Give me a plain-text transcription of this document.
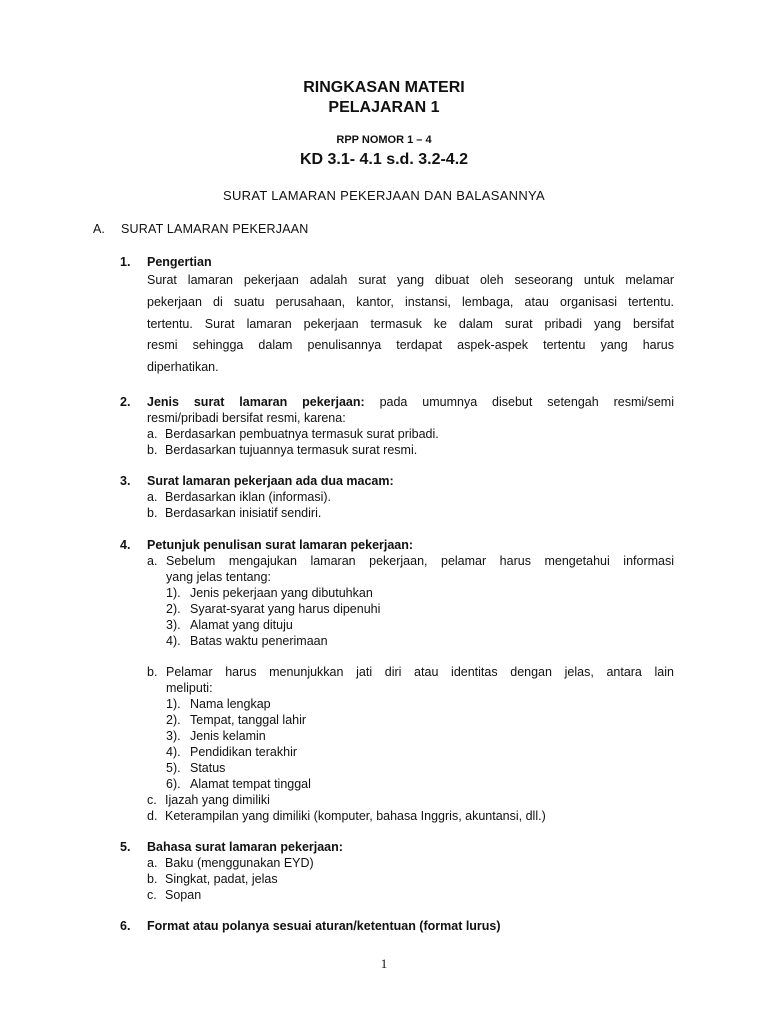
RINGKASAN MATERI
PELAJARAN 1
RPP NOMOR 1 – 4
KD 3.1- 4.1 s.d. 3.2-4.2
SURAT LAMARAN PEKERJAAN DAN BALASANNYA
A. SURAT LAMARAN PEKERJAAN
1. Pengertian
Surat lamaran pekerjaan adalah surat yang dibuat oleh seseorang untuk melamar
pekerjaan di suatu perusahaan, kantor, instansi, lembaga, atau organisasi tertentu.
tertentu. Surat lamaran pekerjaan termasuk ke dalam surat pribadi yang bersifat
resmi sehingga dalam penulisannya terdapat aspek-aspek tertentu yang harus
diperhatikan.
2. Jenis surat lamaran pekerjaan: pada umumnya disebut setengah resmi/semi
resmi/pribadi bersifat resmi, karena:
a. Berdasarkan pembuatnya termasuk surat pribadi.
b. Berdasarkan tujuannya termasuk surat resmi.
3. Surat lamaran pekerjaan ada dua macam:
a. Berdasarkan iklan (informasi).
b. Berdasarkan inisiatif sendiri.
4. Petunjuk penulisan surat lamaran pekerjaan:
a. Sebelum mengajukan lamaran pekerjaan, pelamar harus mengetahui informasi
yang jelas tentang:
1). Jenis pekerjaan yang dibutuhkan
2). Syarat-syarat yang harus dipenuhi
3). Alamat yang dituju
4). Batas waktu penerimaan
b. Pelamar harus menunjukkan jati diri atau identitas dengan jelas, antara lain
meliputi:
1). Nama lengkap
2). Tempat, tanggal lahir
3). Jenis kelamin
4). Pendidikan terakhir
5). Status
6). Alamat tempat tinggal
c. Ijazah yang dimiliki
d. Keterampilan yang dimiliki (komputer, bahasa Inggris, akuntansi, dll.)
5. Bahasa surat lamaran pekerjaan:
a. Baku (menggunakan EYD)
b. Singkat, padat, jelas
c. Sopan
6. Format atau polanya sesuai aturan/ketentuan (format lurus)
1
